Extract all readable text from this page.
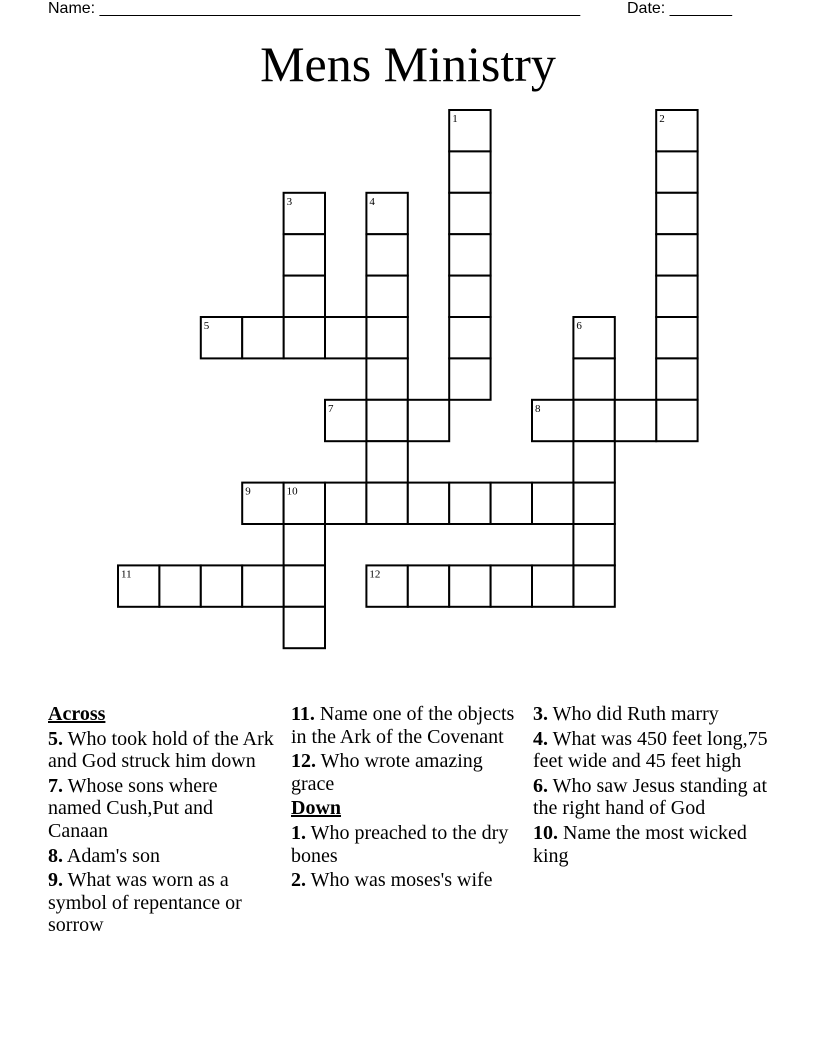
Name: ______________________________________________________	Date: _______
Mens Ministry
1	2
3	4
5	6
7	8
9	10
11	12
Across
5. Who took hold of the Ark and God struck him down
7. Whose sons where named Cush,Put and Canaan
8. Adam's son
9. What was worn as a symbol of repentance or sorrow
11. Name one of the objects in the Ark of the Covenant
12. Who wrote amazing grace
Down
1. Who preached to the dry bones
2. Who was moses's wife
3. Who did Ruth marry
4. What was 450 feet long,75 feet wide and 45 feet high
6. Who saw Jesus standing at the right hand of God
10. Name the most wicked king
